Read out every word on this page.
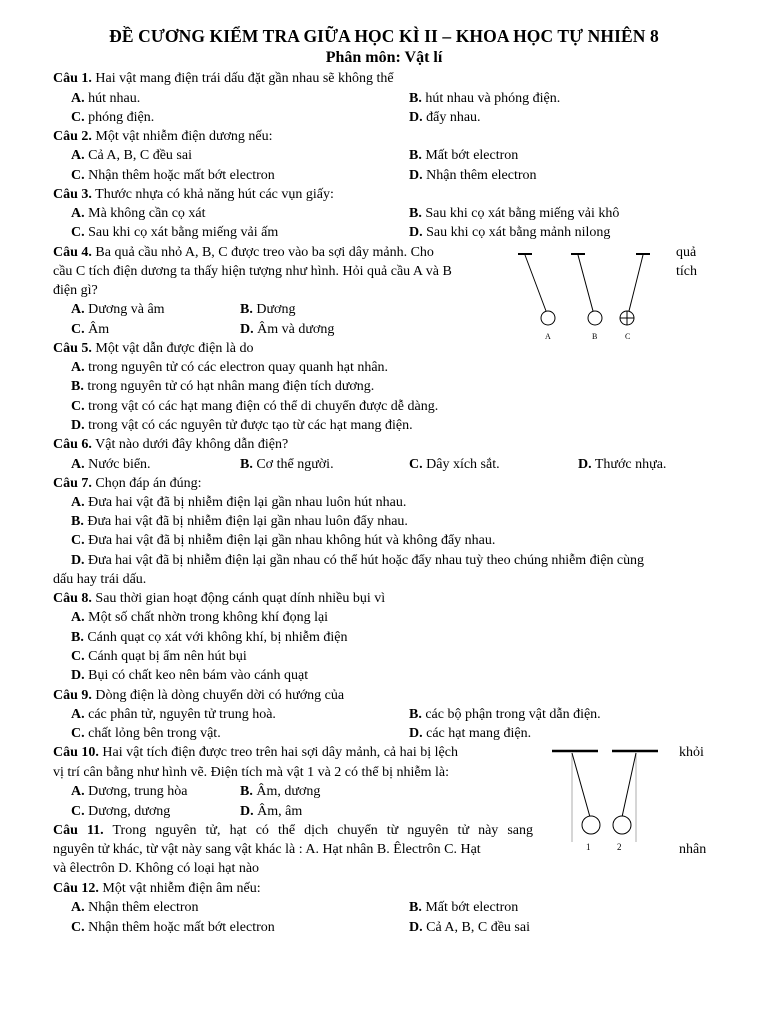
ĐỀ CƯƠNG KIỂM TRA GIỮA HỌC KÌ II – KHOA HỌC TỰ NHIÊN 8
Phân môn: Vật lí
Câu 1. Hai vật mang điện trái dấu đặt gần nhau sẽ không thể
A. hút nhau.	B. hút nhau và phóng điện.
C. phóng điện.	D. đẩy nhau.
Câu 2. Một vật nhiễm điện dương nếu:
A. Cả A, B, C đều sai	B. Mất bớt electron
C. Nhận thêm hoặc mất bớt electron	D. Nhận thêm electron
Câu 3. Thước nhựa có khả năng hút các vụn giấy:
A. Mà không cần cọ xát	B. Sau khi cọ xát bằng miếng vải khô
C. Sau khi cọ xát bằng miếng vải ấm	D. Sau khi cọ xát bằng mảnh nilong
Câu 4. Ba quả cầu nhỏ A, B, C được treo vào ba sợi dây mảnh. Cho	quả
cầu C tích điện dương ta thấy hiện tượng như hình. Hỏi quả cầu A và B	tích
điện gì?
A. Dương và âm	B. Dương
C. Âm	D. Âm và dương	A	B	C
Câu 5. Một vật dẫn được điện là do
A. trong nguyên tử có các electron quay quanh hạt nhân.
B. trong nguyên tử có hạt nhân mang điện tích dương.
C. trong vật có các hạt mang điện có thể di chuyển được dễ dàng.
D. trong vật có các nguyên tử được tạo từ các hạt mang điện.
Câu 6. Vật nào dưới đây không dẫn điện?
A. Nước biển.	B. Cơ thể người.	C. Dây xích sắt.	D. Thước nhựa.
Câu 7. Chọn đáp án đúng:
A. Đưa hai vật đã bị nhiễm điện lại gần nhau luôn hút nhau.
B. Đưa hai vật đã bị nhiễm điện lại gần nhau luôn đẩy nhau.
C. Đưa hai vật đã bị nhiễm điện lại gần nhau không hút và không đẩy nhau.
D. Đưa hai vật đã bị nhiễm điện lại gần nhau có thể hút hoặc đẩy nhau tuỳ theo chúng nhiễm điện cùng
dấu hay trái dấu.
Câu 8. Sau thời gian hoạt động cánh quạt dính nhiều bụi vì
A. Một số chất nhờn trong không khí đọng lại
B. Cánh quạt cọ xát với không khí, bị nhiễm điện
C. Cánh quạt bị ẩm nên hút bụi
D. Bụi có chất keo nên bám vào cánh quạt
Câu 9. Dòng điện là dòng chuyển dời có hướng của
A. các phân tử, nguyên tử trung hoà.	B. các bộ phận trong vật dẫn điện.
C. chất lỏng bên trong vật.	D. các hạt mang điện.
Câu 10. Hai vật tích điện được treo trên hai sợi dây mảnh, cả hai bị lệch	khỏi
vị trí cân bằng như hình vẽ. Điện tích mà vật 1 và 2 có thể bị nhiễm là:
A. Dương, trung hòa	B. Âm, dương
C. Dương, dương	D. Âm, âm
1	2
Câu 11. Trong nguyên tử, hạt có thể dịch chuyển từ nguyên tử này sang
nguyên tử khác, từ vật này sang vật khác là : A. Hạt nhân B. Êlectrôn C. Hạt	nhân
và êlectrôn D. Không có loại hạt nào
Câu 12. Một vật nhiễm điện âm nếu:
A. Nhận thêm electron	B. Mất bớt electron
C. Nhận thêm hoặc mất bớt electron	D. Cả A, B, C đều sai
